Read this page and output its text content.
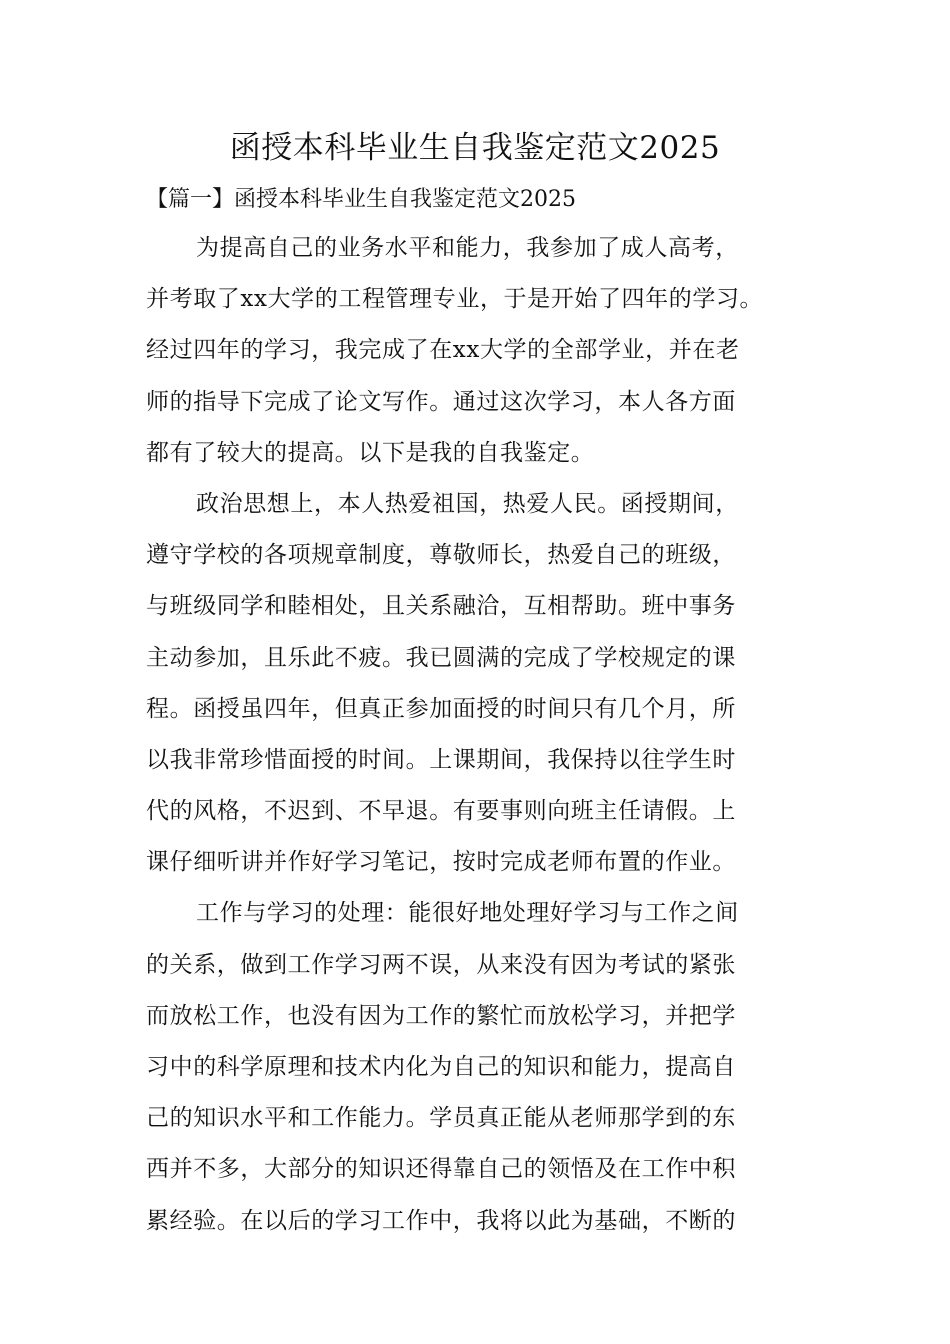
函授本科毕业生自我鉴定范文2025
【篇一】函授本科毕业生自我鉴定范文2025
为提高自己的业务水平和能力，我参加了成人高考，
并考取了xx大学的工程管理专业，于是开始了四年的学习。
经过四年的学习，我完成了在xx大学的全部学业，并在老
师的指导下完成了论文写作。通过这次学习，本人各方面
都有了较大的提高。以下是我的自我鉴定。
政治思想上，本人热爱祖国，热爱人民。函授期间，
遵守学校的各项规章制度，尊敬师长，热爱自己的班级，
与班级同学和睦相处，且关系融洽，互相帮助。班中事务
主动参加，且乐此不疲。我已圆满的完成了学校规定的课
程。函授虽四年，但真正参加面授的时间只有几个月，所
以我非常珍惜面授的时间。上课期间，我保持以往学生时
代的风格，不迟到、不早退。有要事则向班主任请假。上
课仔细听讲并作好学习笔记，按时完成老师布置的作业。
工作与学习的处理：能很好地处理好学习与工作之间
的关系，做到工作学习两不误，从来没有因为考试的紧张
而放松工作，也没有因为工作的繁忙而放松学习，并把学
习中的科学原理和技术内化为自己的知识和能力，提高自
己的知识水平和工作能力。学员真正能从老师那学到的东
西并不多，大部分的知识还得靠自己的领悟及在工作中积
累经验。在以后的学习工作中，我将以此为基础，不断的
